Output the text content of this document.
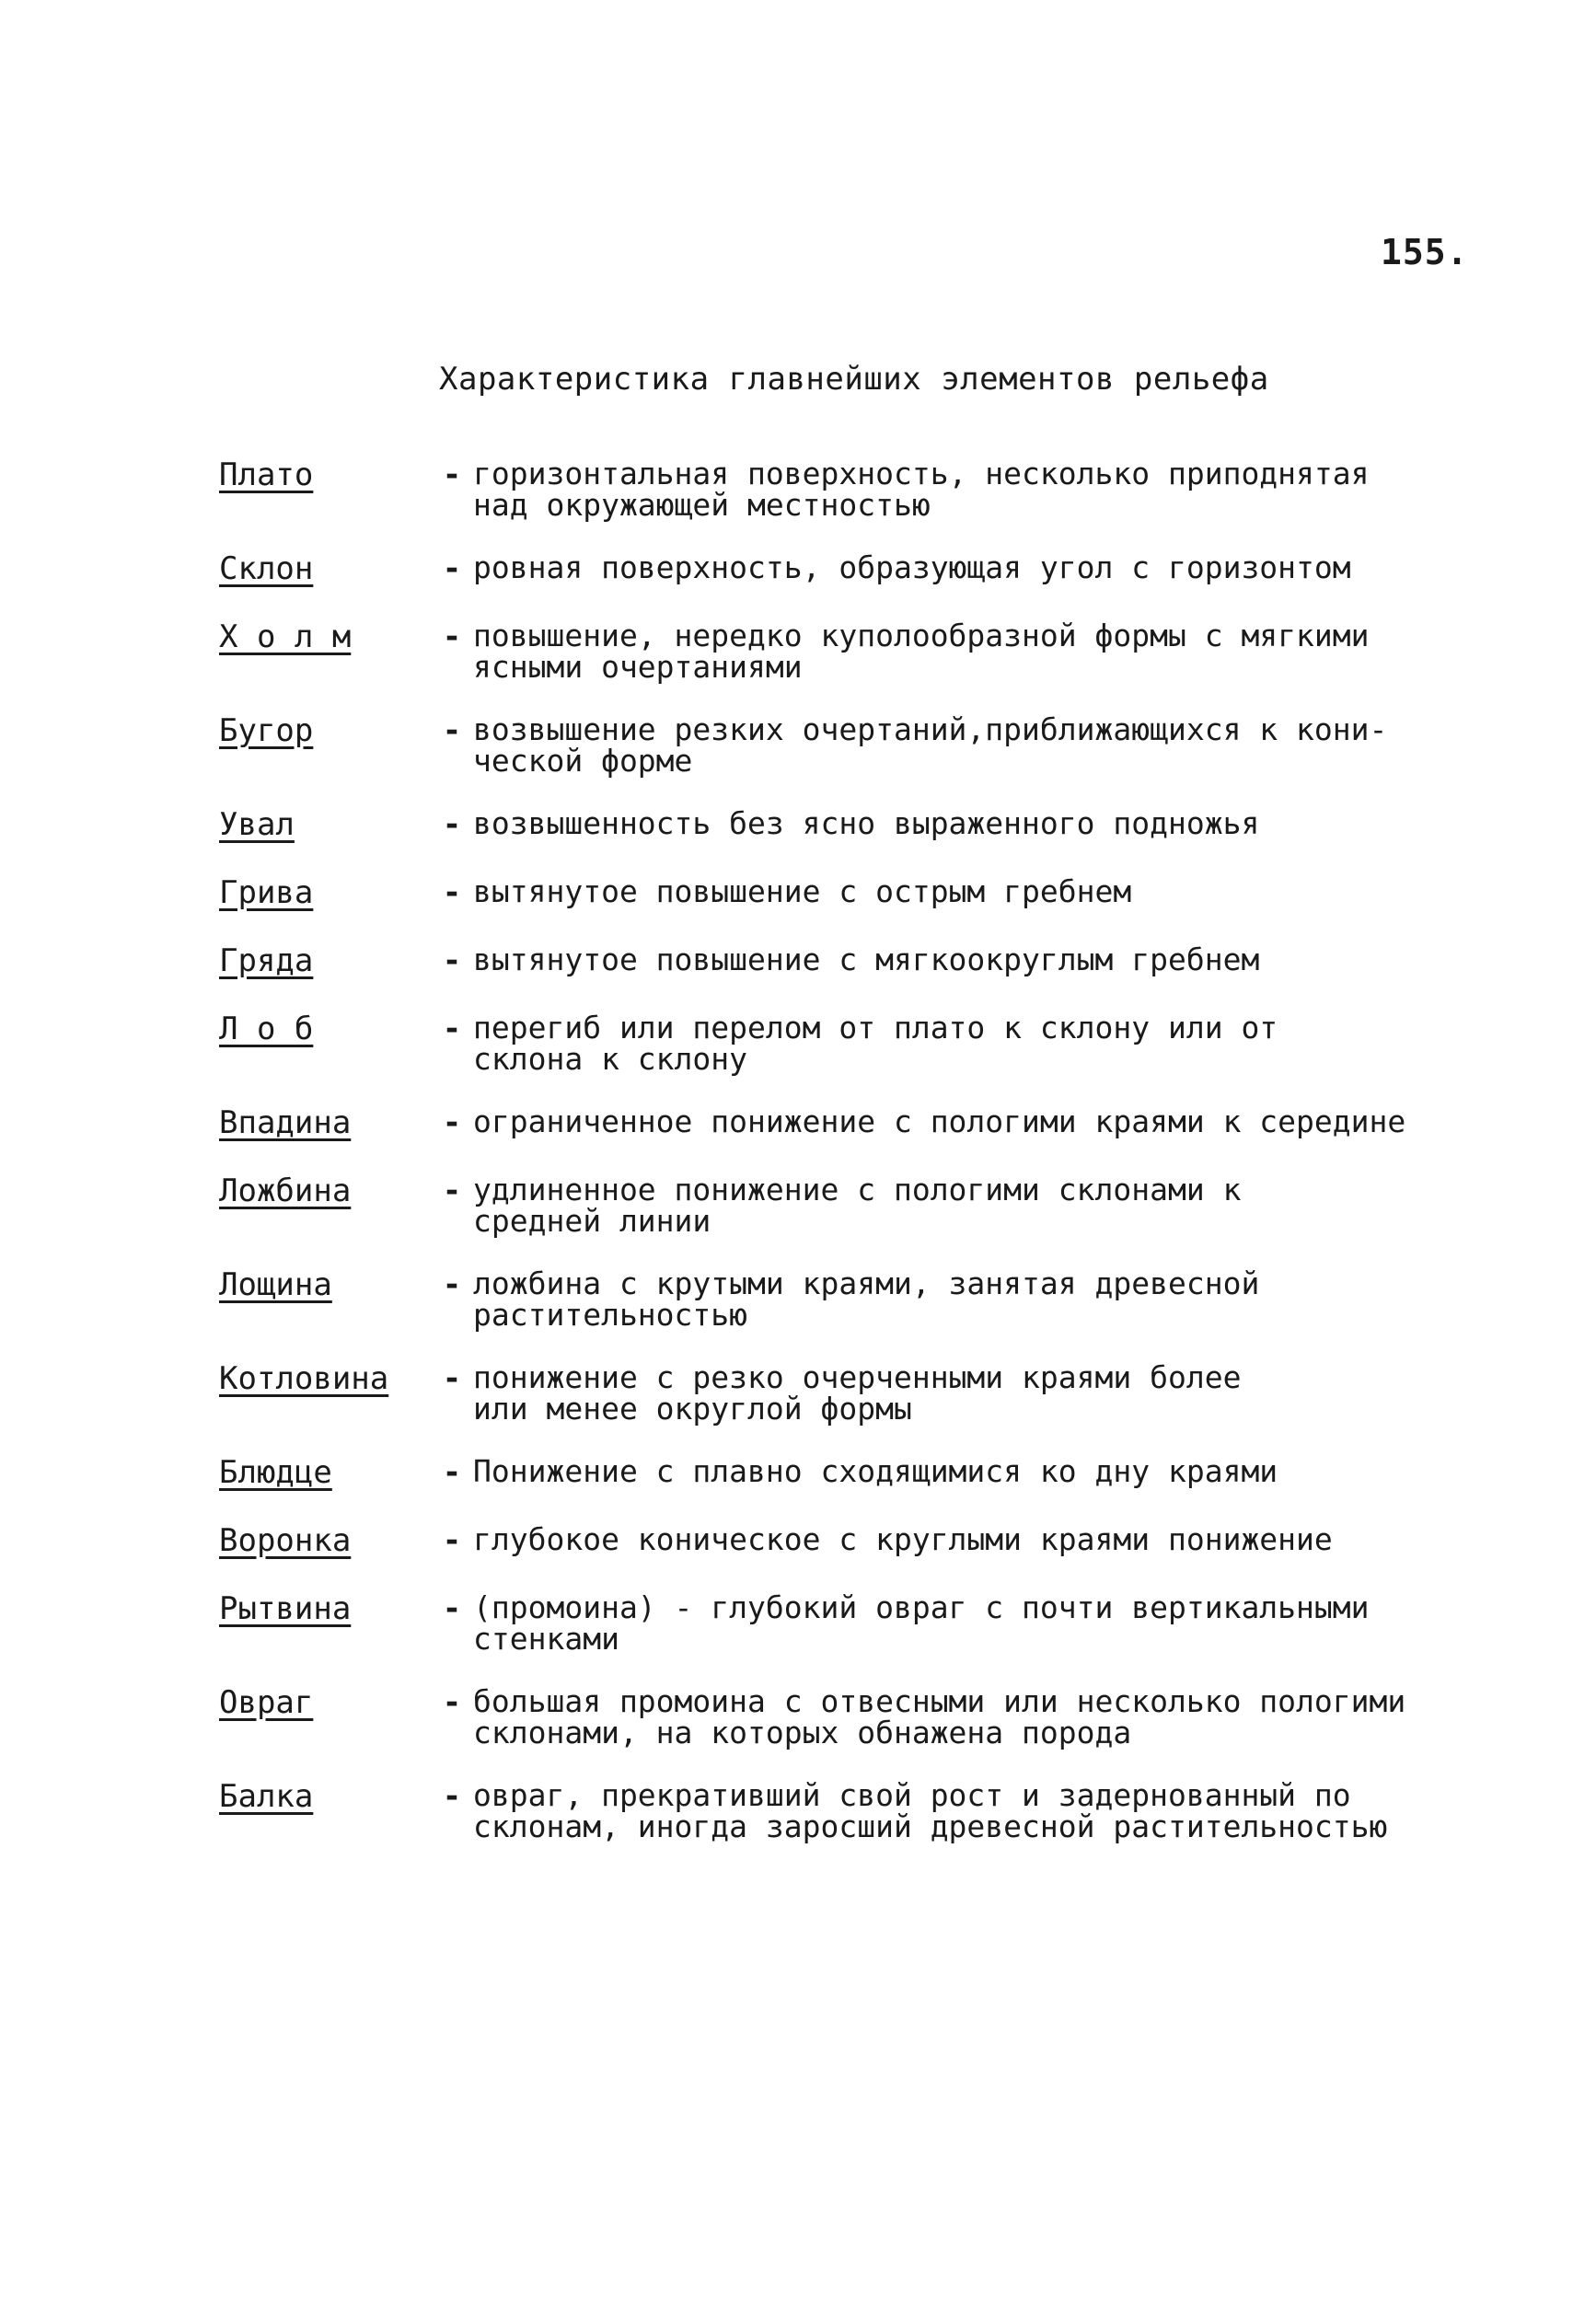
155.
Характеристика главнейших элементов рельефа
Плато	- горизонтальная поверхность, несколько приподнятая
над окружающей местностью
Склон	- ровная поверхность, образующая угол с горизонтом
Х о л м	- повышение, нередко куполообразной формы с мягкими
ясными очертаниями
Бугор	- возвышение резких очертаний,приближающихся к кони-
ческой форме
Увал	- возвышенность без ясно выраженного подножья
Грива	- вытянутое повышение с острым гребнем
Гряда	- вытянутое повышение с мягкоокруглым гребнем
Л о б	- перегиб или перелом от плато к склону или от
склона к склону
Впадина	- ограниченное понижение с пологими краями к середине
Ложбина	- удлиненное понижение с пологими склонами к
средней линии
Лощина	- ложбина с крутыми краями, занятая древесной
растительностью
Котловина	- понижение с резко очерченными краями более
или менее округлой формы
Блюдце	- Понижение с плавно сходящимися ко дну краями
Воронка	- глубокое коническое с круглыми краями понижение
Рытвина	- (промоина) - глубокий овраг с почти вертикальными
стенками
Овраг	- большая промоина с отвесными или несколько пологими
склонами, на которых обнажена порода
Балка	- овраг, прекративший свой рост и задернованный по
склонам, иногда заросший древесной растительностью
